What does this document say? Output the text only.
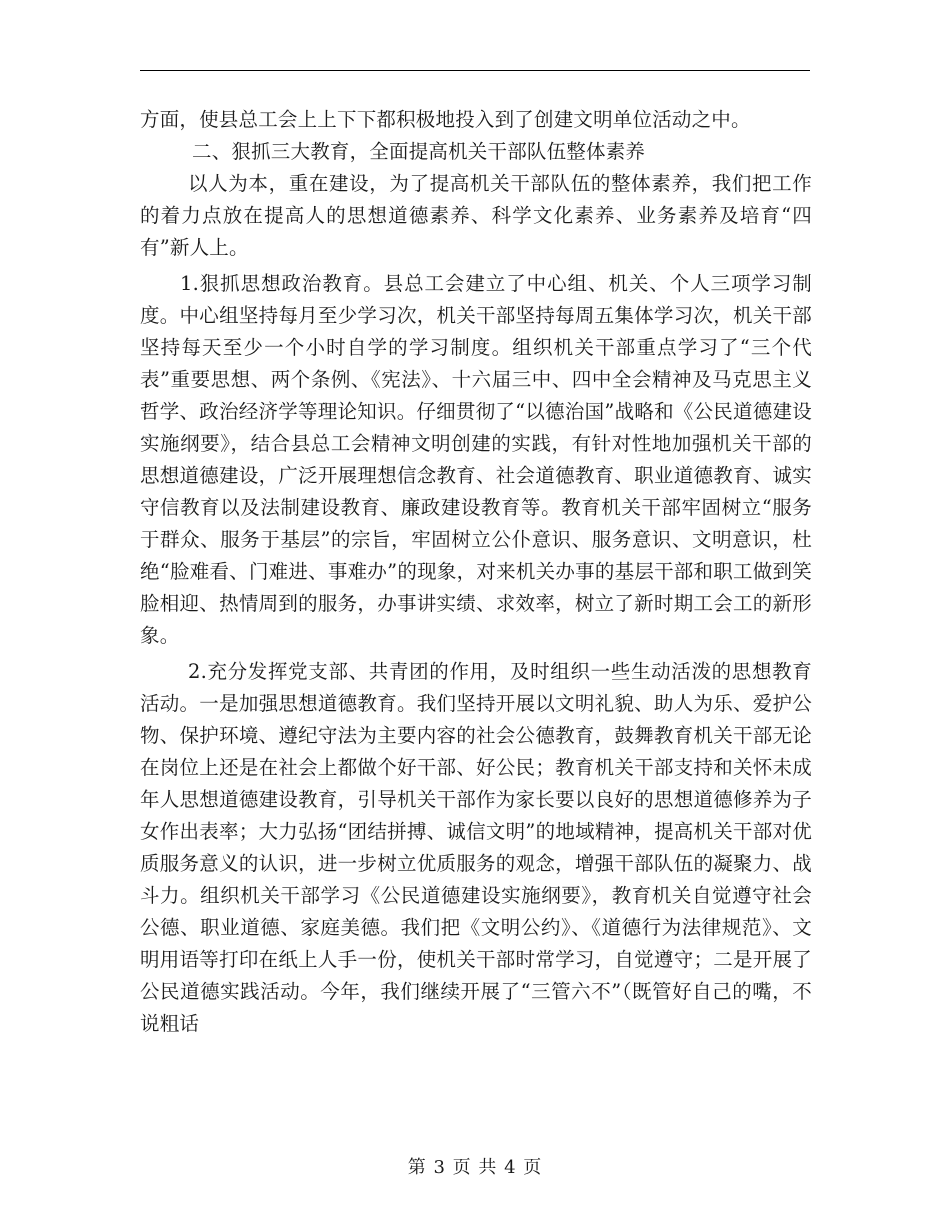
方面，使县总工会上上下下都积极地投入到了创建文明单位活动之中。

二、狠抓三大教育，全面提高机关干部队伍整体素养

以人为本，重在建设，为了提高机关干部队伍的整体素养，我们把工作的着力点放在提高人的思想道德素养、科学文化素养、业务素养及培育“四有”新人上。

1.狠抓思想政治教育。县总工会建立了中心组、机关、个人三项学习制度。中心组坚持每月至少学习次，机关干部坚持每周五集体学习次，机关干部坚持每天至少一个小时自学的学习制度。组织机关干部重点学习了“三个代表”重要思想、两个条例、《宪法》、十六届三中、四中全会精神及马克思主义哲学、政治经济学等理论知识。仔细贯彻了“以德治国”战略和《公民道德建设实施纲要》，结合县总工会精神文明创建的实践，有针对性地加强机关干部的思想道德建设，广泛开展理想信念教育、社会道德教育、职业道德教育、诚实守信教育以及法制建设教育、廉政建设教育等。教育机关干部牢固树立“服务于群众、服务于基层”的宗旨，牢固树立公仆意识、服务意识、文明意识，杜绝“脸难看、门难进、事难办”的现象，对来机关办事的基层干部和职工做到笑脸相迎、热情周到的服务，办事讲实绩、求效率，树立了新时期工会工的新形象。

2.充分发挥党支部、共青团的作用，及时组织一些生动活泼的思想教育活动。一是加强思想道德教育。我们坚持开展以文明礼貌、助人为乐、爱护公物、保护环境、遵纪守法为主要内容的社会公德教育，鼓舞教育机关干部无论在岗位上还是在社会上都做个好干部、好公民；教育机关干部支持和关怀未成年人思想道德建设教育，引导机关干部作为家长要以良好的思想道德修养为子女作出表率；大力弘扬“团结拼搏、诚信文明”的地域精神，提高机关干部对优质服务意义的认识，进一步树立优质服务的观念，增强干部队伍的凝聚力、战斗力。组织机关干部学习《公民道德建设实施纲要》，教育机关自觉遵守社会公德、职业道德、家庭美德。我们把《文明公约》、《道德行为法律规范》、文明用语等打印在纸上人手一份，使机关干部时常学习，自觉遵守；二是开展了公民道德实践活动。今年，我们继续开展了“三管六不”（既管好自己的嘴，不说粗话

第 3 页 共 4 页
